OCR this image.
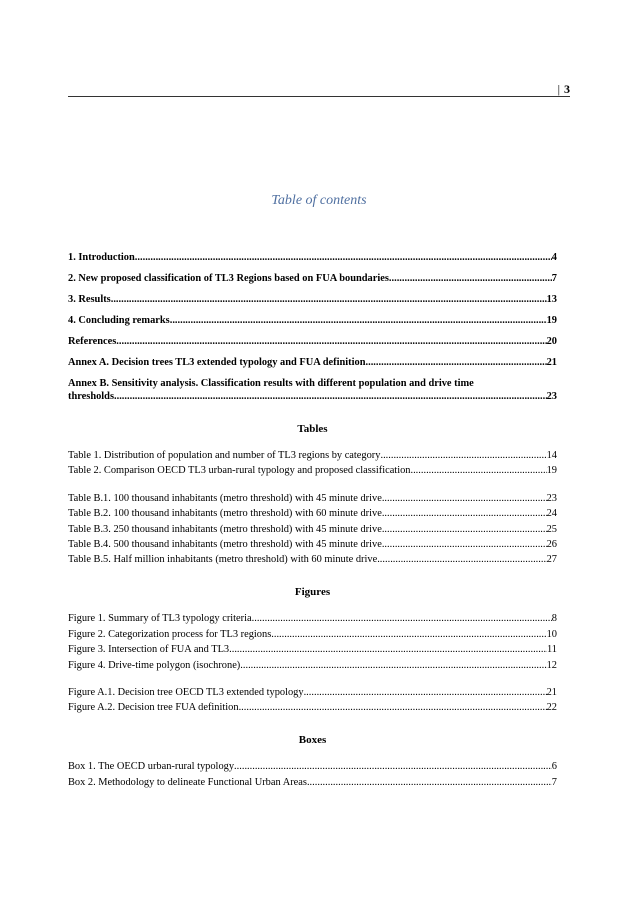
| 3
Table of contents
1. Introduction .....	4
2. New proposed classification of TL3 Regions based on FUA boundaries .....	7
3. Results .....	13
4. Concluding remarks .....	19
References .....	20
Annex A. Decision trees TL3 extended typology and FUA definition .....	21
Annex B. Sensitivity analysis. Classification results with different population and drive time
thresholds .....	23
Tables
Table 1. Distribution of population and number of TL3 regions by category .....	14
Table 2. Comparison OECD TL3 urban-rural typology and proposed classification .....	19
Table B.1. 100 thousand inhabitants (metro threshold) with 45 minute drive .....	23
Table B.2. 100 thousand inhabitants (metro threshold) with 60 minute drive .....	24
Table B.3. 250 thousand inhabitants (metro threshold) with 45 minute drive .....	25
Table B.4. 500 thousand inhabitants (metro threshold) with 45 minute drive .....	26
Table B.5. Half million inhabitants (metro threshold) with 60 minute drive .....	27
Figures
Figure 1. Summary of TL3 typology criteria .....	8
Figure 2. Categorization process for TL3 regions .....	10
Figure 3. Intersection of FUA and TL3 .....	11
Figure 4. Drive-time polygon (isochrone) .....	12
Figure A.1. Decision tree OECD TL3 extended typology .....	21
Figure A.2. Decision tree FUA definition .....	22
Boxes
Box 1. The OECD urban-rural typology .....	6
Box 2. Methodology to delineate Functional Urban Areas .....	7
